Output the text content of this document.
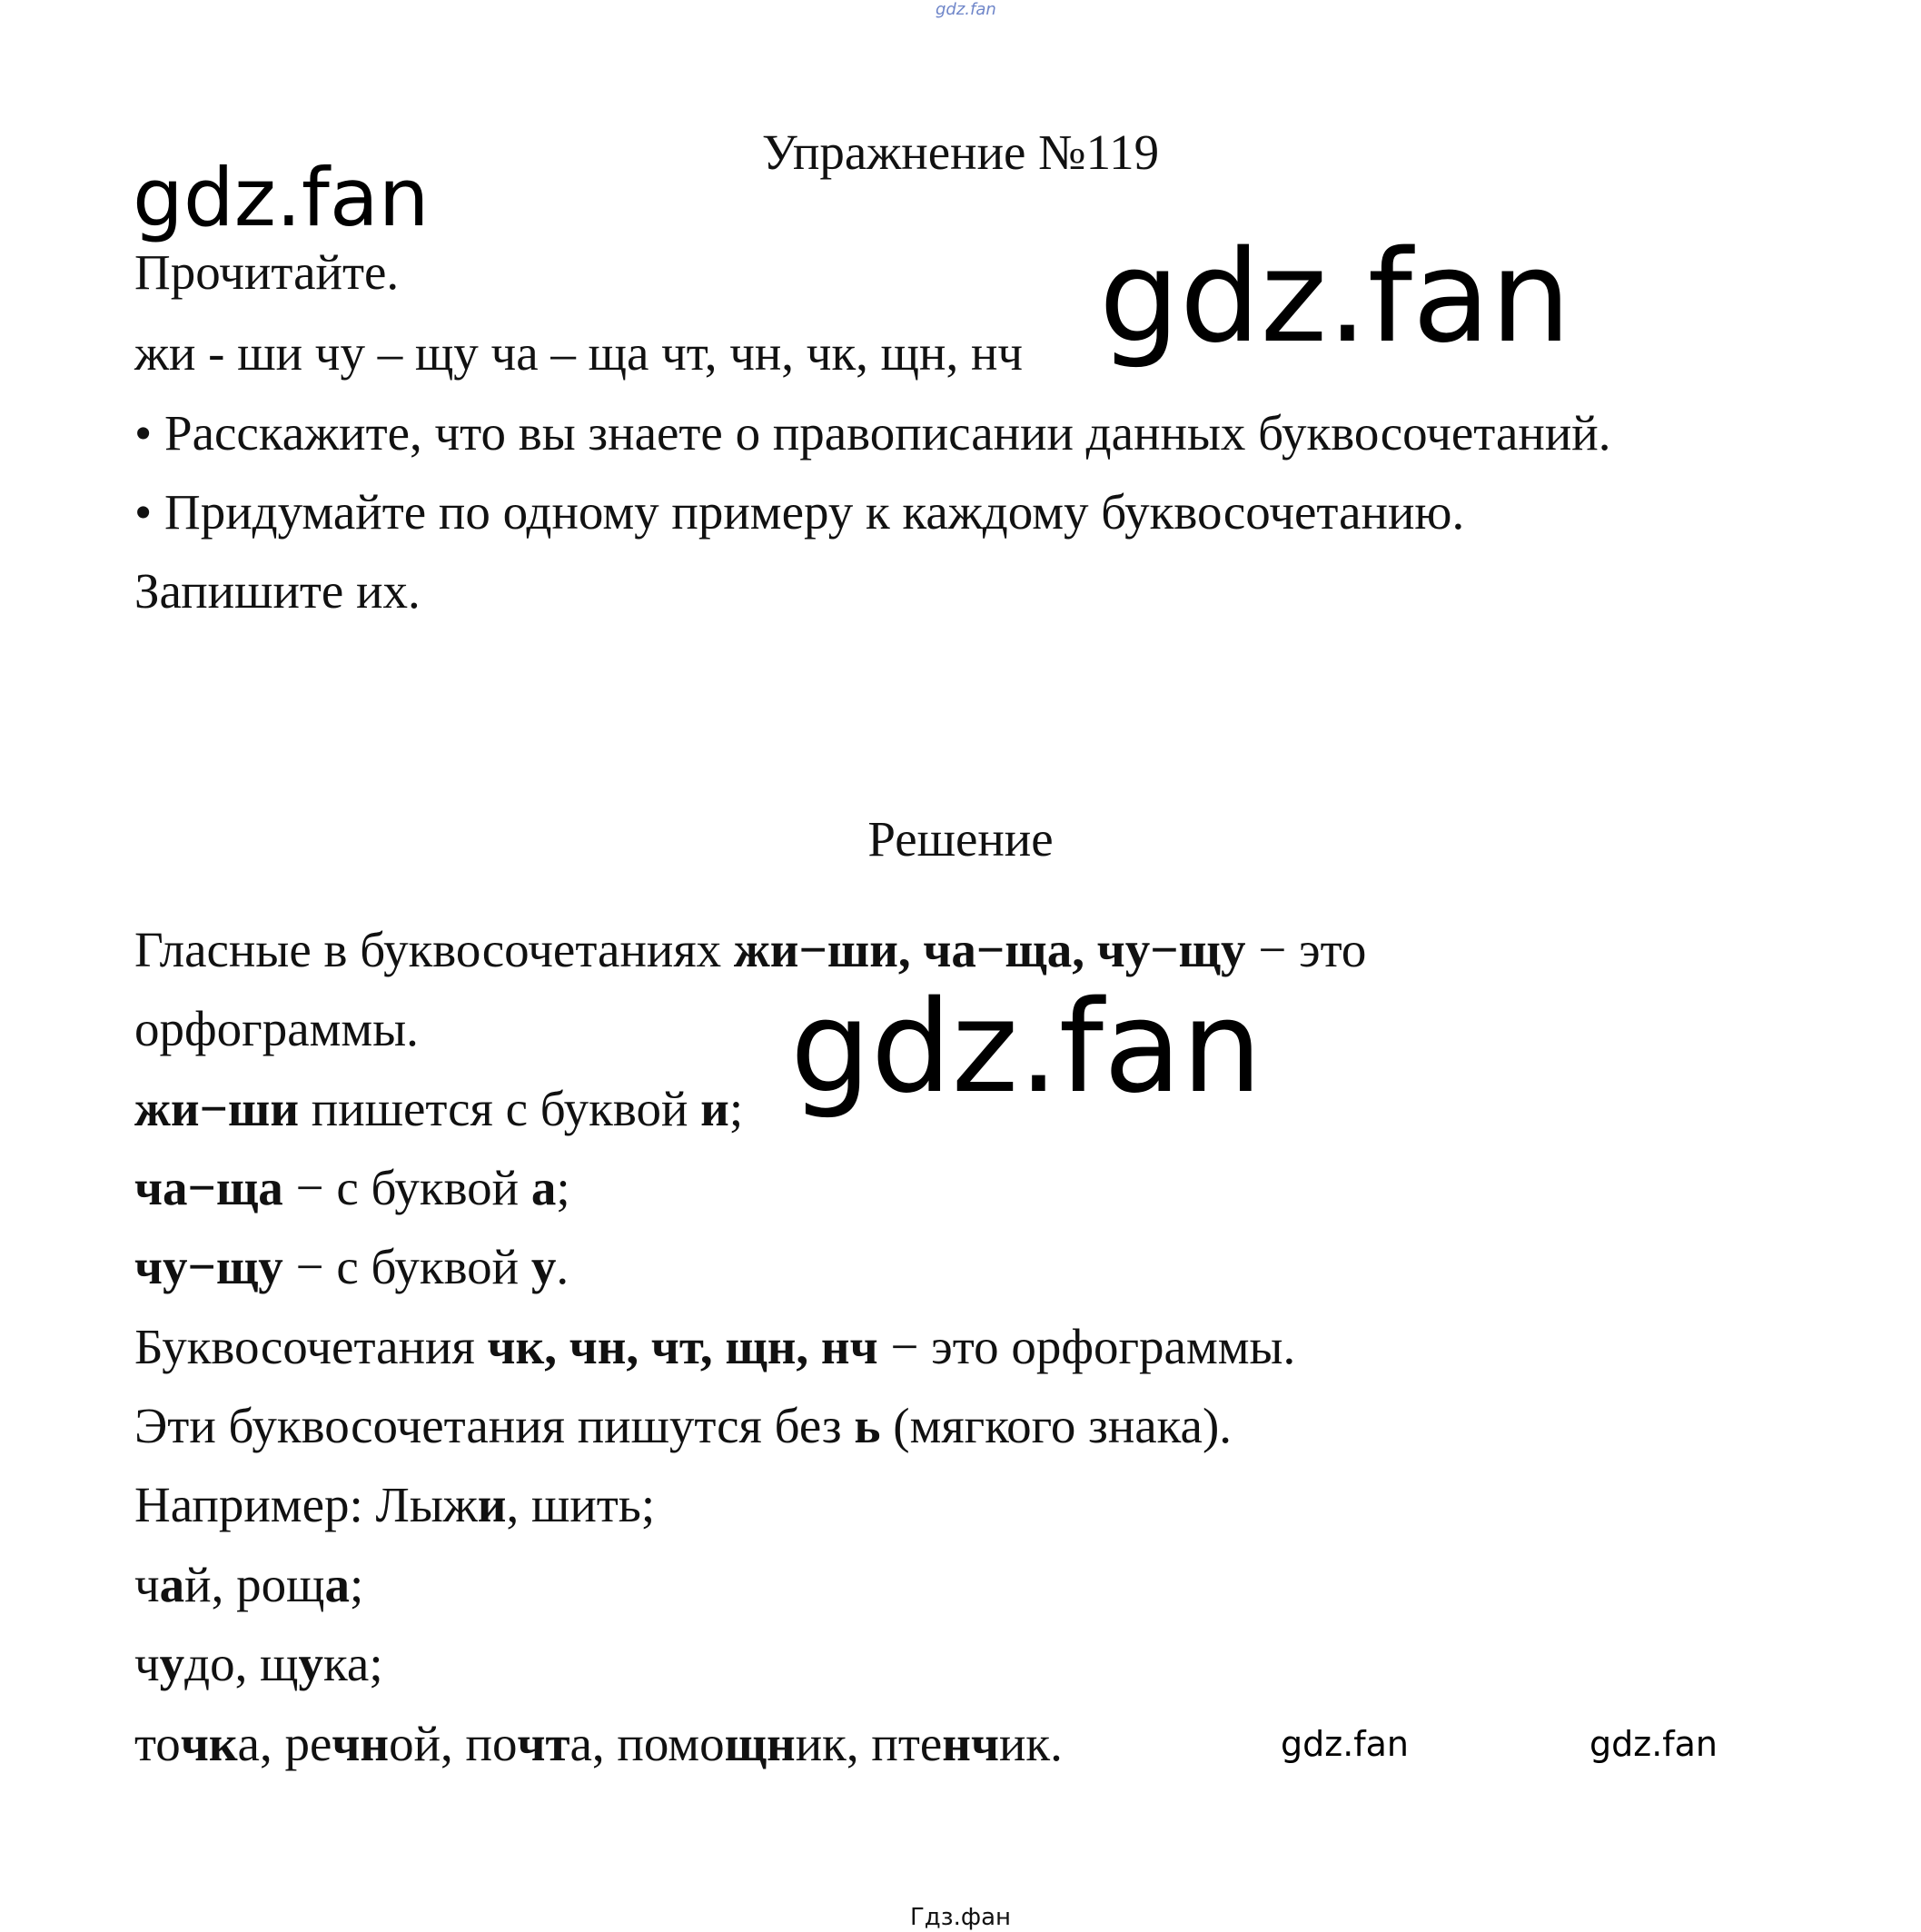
gdz.fan
gdz.fan
gdz.fan
gdz.fan
gdz.fan	gdz.fan
Упражнение №119
Прочитайте.
жи - ши чу – щу ча – ща чт, чн, чк, щн, нч
• Расскажите, что вы знаете о правописании данных буквосочетаний.
• Придумайте по одному примеру к каждому буквосочетанию.
Запишите их.
Решение
Гласные в буквосочетаниях жи−ши, ча−ща, чу−щу − это
орфограммы.
жи−ши пишется с буквой и;
ча−ща − с буквой а;
чу−щу − с буквой у.
Буквосочетания чк, чн, чт, щн, нч − это орфограммы.
Эти буквосочетания пишутся без ь (мягкого знака).
Например: Лыжи, шить;
чай, роща;
чудо, щука;
точка, речной, почта, помощник, птенчик.
Гдз.фан
